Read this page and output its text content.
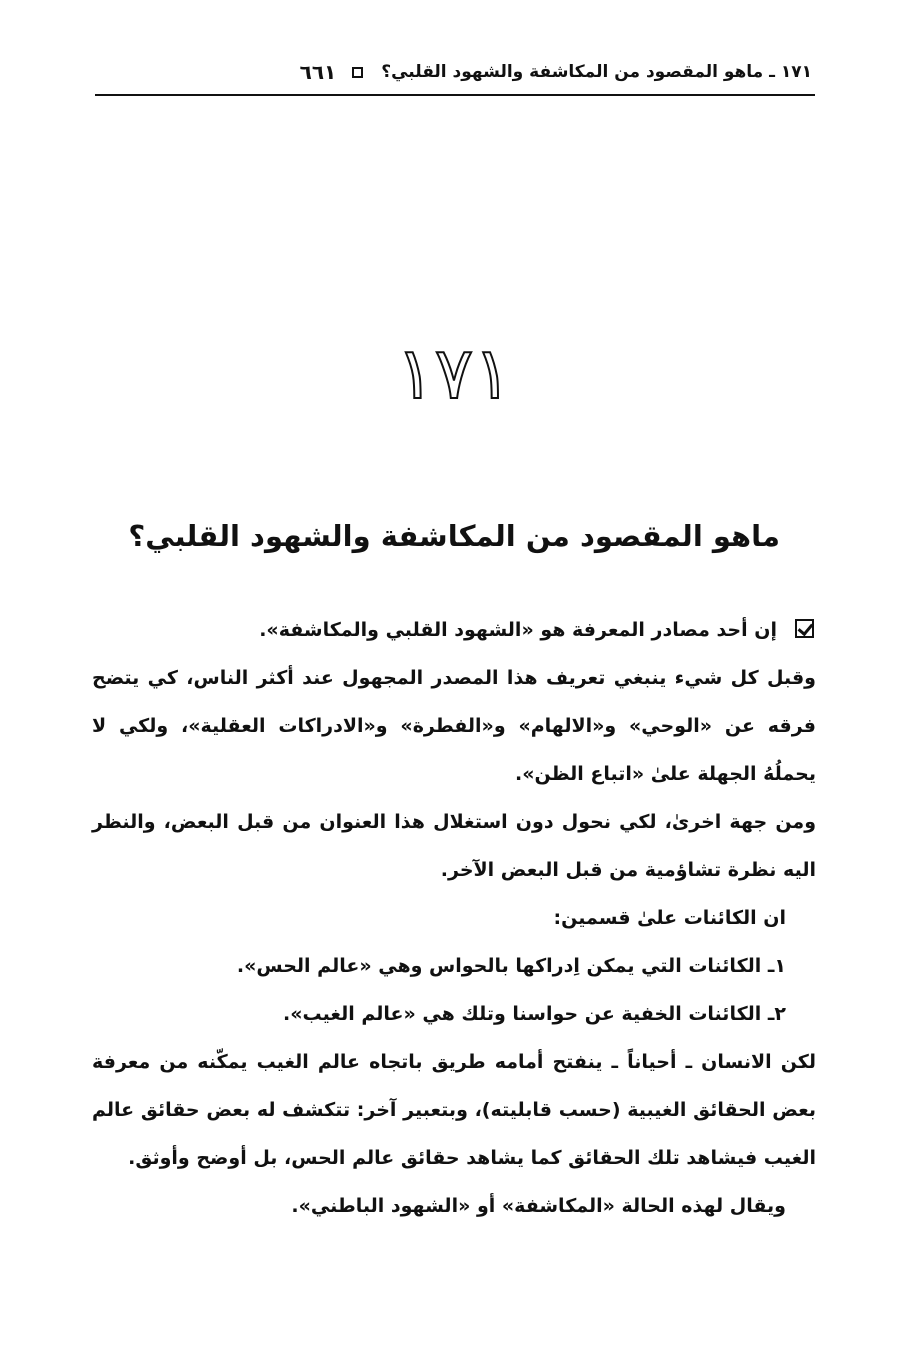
١٧١ ـ ماهو المقصود من المكاشفة والشهود القلبي؟
٦٦١
١٧١
ماهو المقصود من المكاشفة والشهود القلبي؟

إن أحد مصادر المعرفة هو «الشهود القلبي والمكاشفة».

وقبل كل شيء ينبغي تعريف هذا المصدر المجهول عند أكثر الناس، كي يتضح فرقه عن «الوحي» و«الالهام» و«الفطرة» و«الادراكات العقلية»، ولكي لا يحملُهُ الجهلة علىٰ «اتباع الظن».

ومن جهة اخرىٰ، لكي نحول دون استغلال هذا العنوان من قبل البعض، والنظر اليه نظرة تشاؤمية من قبل البعض الآخر.

ان الكائنات علىٰ قسمين:

١ـ الكائنات التي يمكن اِدراكها بالحواس وهي «عالم الحس».

٢ـ الكائنات الخفية عن حواسنا وتلك هي «عالم الغيب».

لكن الانسان ـ أحياناً ـ ينفتح أمامه طريق باتجاه عالم الغيب يمكّنه من معرفة بعض الحقائق الغيبية (حسب قابليته)، وبتعبير آخر: تتكشف له بعض حقائق عالم الغيب فيشاهد تلك الحقائق كما يشاهد حقائق عالم الحس، بل أوضح وأوثق.

ويقال لهذه الحالة «المكاشفة» أو «الشهود الباطني».
